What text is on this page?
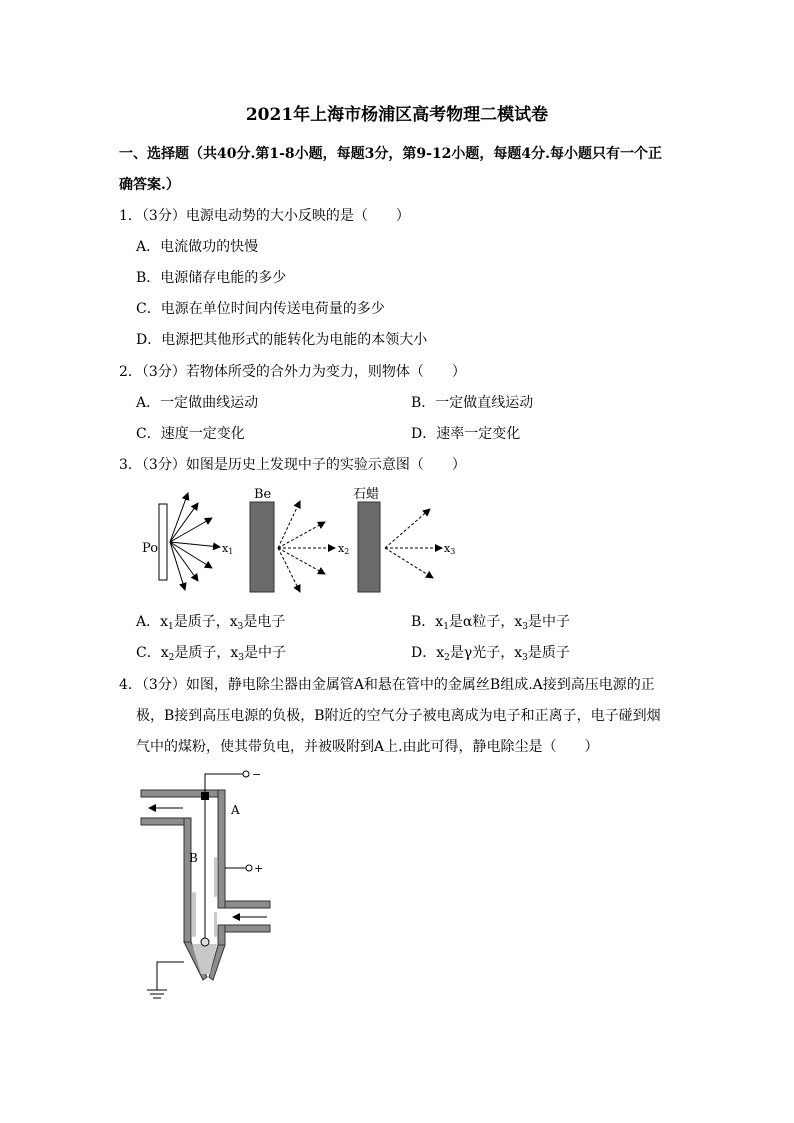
2021年上海市杨浦区高考物理二模试卷
一、选择题（共40分.第1-8小题，每题3分，第9-12小题，每题4分.每小题只有一个正
确答案.）
1．（3分）电源电动势的大小反映的是（　　）
A．电流做功的快慢
B．电源储存电能的多少
C．电源在单位时间内传送电荷量的多少
D．电源把其他形式的能转化为电能的本领大小
2．（3分）若物体所受的合外力为变力，则物体（　　）
A．一定做曲线运动	B．一定做直线运动
C．速度一定变化	D．速率一定变化
3．（3分）如图是历史上发现中子的实验示意图（　　）
Po	x1
Be
x2
石蜡
x3
A．$x_1$是质子，$x_3$是电子	B．$x_1$是α粒子，$x_3$是中子
C．$x_2$是质子，$x_3$是中子	D．$x_2$是γ光子，$x_3$是质子
4．（3分）如图，静电除尘器由金属管A和悬在管中的金属丝B组成.A接到高压电源的正
极，B接到高压电源的负极，B附近的空气分子被电离成为电子和正离子，电子碰到烟
气中的煤粉，使其带负电，并被吸附到A上.由此可得，静电除尘是（　　）
−
+
A
B
